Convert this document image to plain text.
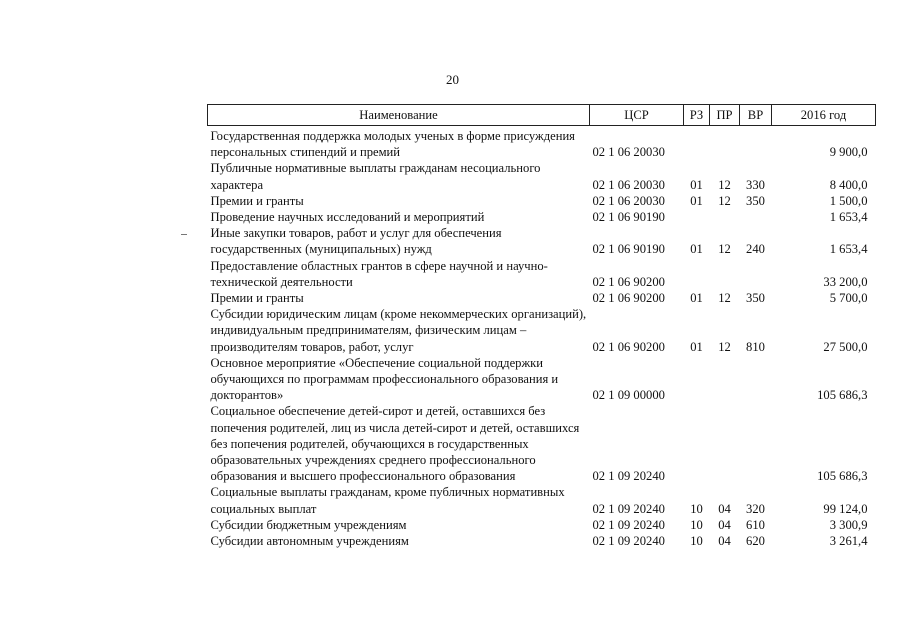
20
Наименование	ЦСР	РЗ	ПР	ВР	2016 год
Государственная поддержка молодых ученых в форме присуждения персональных стипендий и премий	02 1 06 20030				9 900,0
Публичные нормативные выплаты гражданам несоциального характера	02 1 06 20030	01	12	330	8 400,0
Премии и гранты	02 1 06 20030	01	12	350	1 500,0
Проведение научных исследований и мероприятий	02 1 06 90190				1 653,4
Иные закупки товаров, работ и услуг для обеспечения государственных (муниципальных) нужд	02 1 06 90190	01	12	240	1 653,4
Предоставление областных грантов в сфере научной и научно-технической деятельности	02 1 06 90200				33 200,0
Премии и гранты	02 1 06 90200	01	12	350	5 700,0
Субсидии юридическим лицам (кроме некоммерческих организаций), индивидуальным предпринимателям, физическим лицам – производителям товаров, работ, услуг	02 1 06 90200	01	12	810	27 500,0
Основное мероприятие «Обеспечение социальной поддержки обучающихся по программам профессионального образования и докторантов»	02 1 09 00000				105 686,3
Социальное обеспечение детей-сирот и детей, оставшихся без попечения родителей, лиц из числа детей-сирот и детей, оставшихся без попечения родителей, обучающихся в государственных образовательных учреждениях среднего профессионального образования и высшего профессионального образования	02 1 09 20240				105 686,3
Социальные выплаты гражданам, кроме публичных нормативных социальных выплат	02 1 09 20240	10	04	320	99 124,0
Субсидии бюджетным учреждениям	02 1 09 20240	10	04	610	3 300,9
Субсидии автономным учреждениям	02 1 09 20240	10	04	620	3 261,4
